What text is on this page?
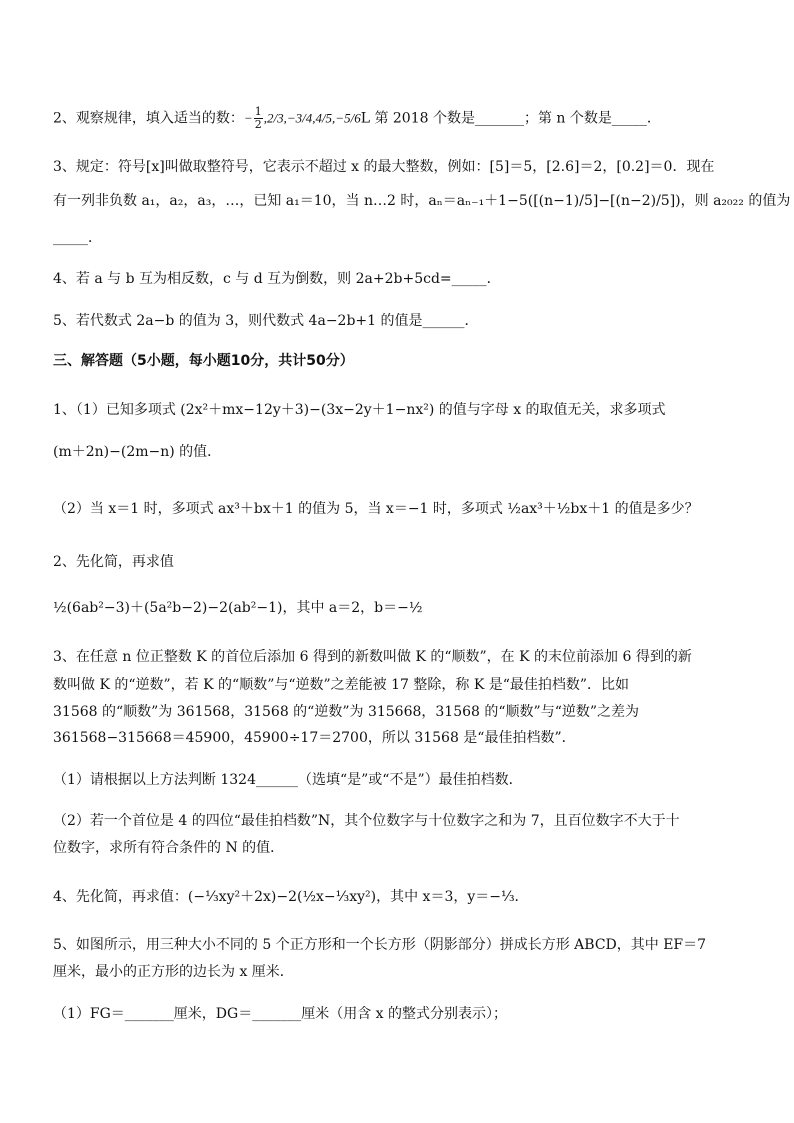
2、观察规律，填入适当的数：− $\frac{1}{2} ,2/3,-3/4,4/5,-5/6L$ 第 2018 个数是_______；第 n 个数是_____．
3、规定：符号[x]叫做取整符号，它表示不超过 x 的最大整数，例如：[5]＝5，[2.6]＝2，[0.2]＝0．现在
有一列非负数 a₁，a₂，a₃，…，已知 a₁＝10，当 n…2 时，aₙ＝aₙ₋₁＋1−5([(n−1)/5]−[(n−2)/5])，则 a₂₀₂₂ 的值为
_____．
4、若 a 与 b 互为相反数，c 与 d 互为倒数，则 2a+2b+5cd=_____．
5、若代数式 2a−b 的值为 3，则代数式 4a−2b+1 的值是______．
三、解答题（5小题，每小题10分，共计50分）
1、（1）已知多项式 (2x²＋mx−12y＋3)−(3x−2y＋1−nx²) 的值与字母 x 的取值无关，求多项式
(m＋2n)−(2m−n) 的值．
（2）当 x＝1 时，多项式 ax³＋bx＋1 的值为 5，当 x＝−1 时，多项式 ½ax³＋½bx＋1 的值是多少？
2、先化简，再求值
½(6ab²−3)＋(5a²b−2)−2(ab²−1)，其中 a＝2，b＝−½
3、在任意 n 位正整数 K 的首位后添加 6 得到的新数叫做 K 的“顺数”，在 K 的末位前添加 6 得到的新
数叫做 K 的“逆数”，若 K 的“顺数”与“逆数”之差能被 17 整除，称 K 是“最佳拍档数”．比如
31568 的“顺数”为 361568，31568 的“逆数”为 315668，31568 的“顺数”与“逆数”之差为
361568−315668＝45900，45900÷17＝2700，所以 31568 是“最佳拍档数”．
（1）请根据以上方法判断 1324______（选填“是”或“不是”）最佳拍档数．
（2）若一个首位是 4 的四位“最佳拍档数”N，其个位数字与十位数字之和为 7，且百位数字不大于十
位数字，求所有符合条件的 N 的值．
4、先化简，再求值：(−⅓xy²＋2x)−2(½x−⅓xy²)，其中 x＝3，y＝−⅓．
5、如图所示，用三种大小不同的 5 个正方形和一个长方形（阴影部分）拼成长方形 ABCD，其中 EF＝7
厘米，最小的正方形的边长为 x 厘米．
（1）FG＝_______厘米，DG＝_______厘米（用含 x 的整式分别表示）；
